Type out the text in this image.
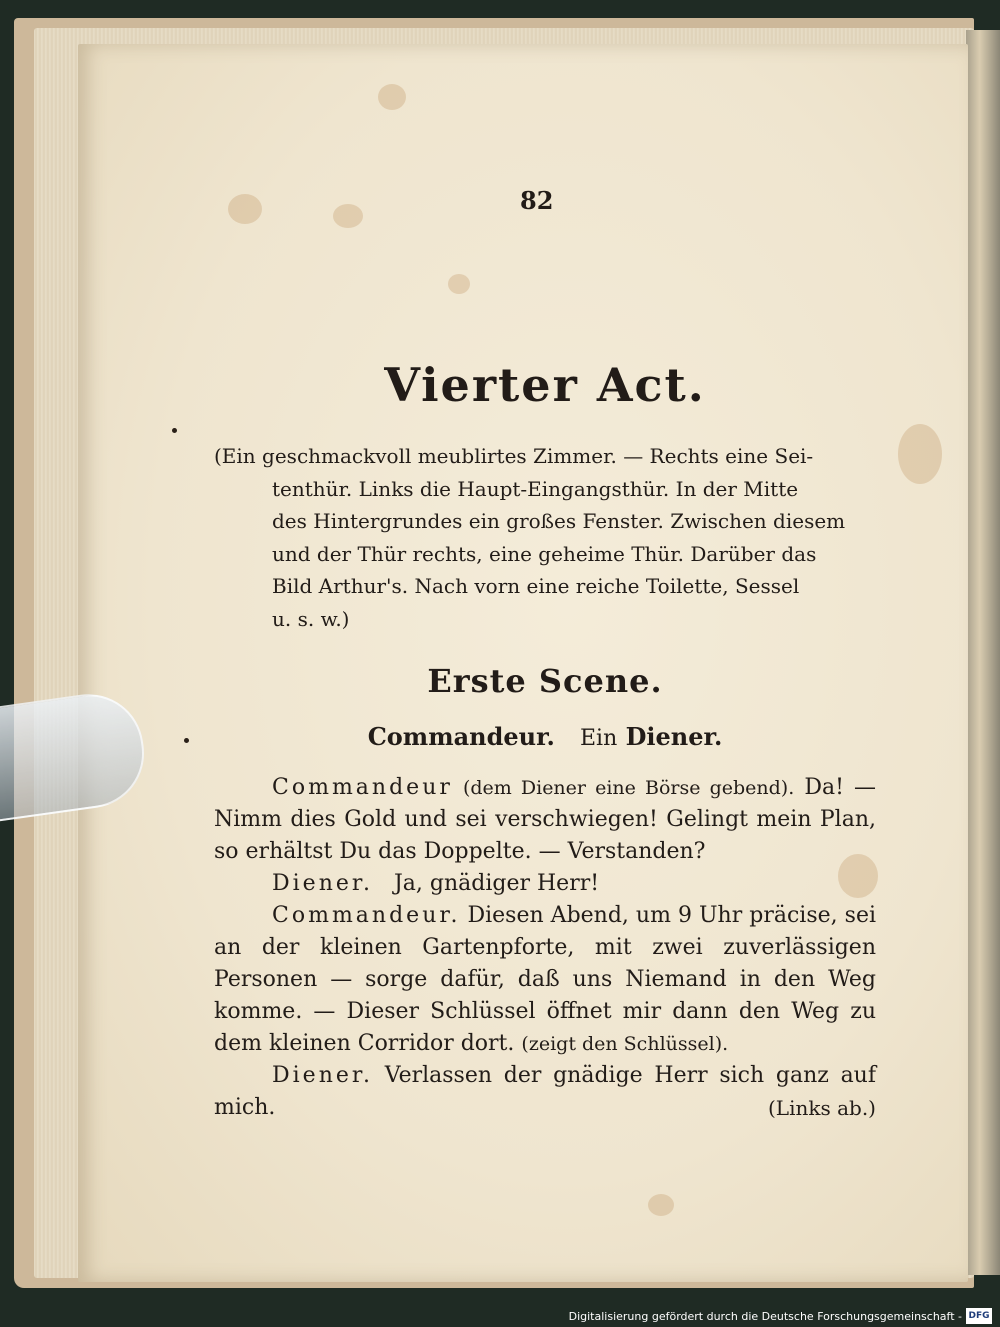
82
Vierter Act.
(Ein geschmackvoll meublirtes Zimmer. — Rechts eine Sei-
tenthür. Links die Haupt-Eingangsthür. In der Mitte
des Hintergrundes ein großes Fenster. Zwischen diesem
und der Thür rechts, eine geheime Thür. Darüber das
Bild Arthur's. Nach vorn eine reiche Toilette, Sessel
u. s. w.)
Erste Scene.
Commandeur. Ein Diener.

Commandeur (dem Diener eine Börse gebend). Da! — Nimm dies Gold und sei verschwiegen! Gelingt mein Plan, so erhältst Du das Doppelte. — Verstanden?

Diener. Ja, gnädiger Herr!

Commandeur. Diesen Abend, um 9 Uhr präcise, sei an der kleinen Gartenpforte, mit zwei zuverlässigen Personen — sorge dafür, daß uns Niemand in den Weg komme. — Dieser Schlüssel öffnet mir dann den Weg zu dem kleinen Corridor dort. (zeigt den Schlüssel).

Diener. Verlassen der gnädige Herr sich ganz auf mich.	(Links ab.)

Digitalisierung gefördert durch die Deutsche Forschungsgemeinschaft - DFG
